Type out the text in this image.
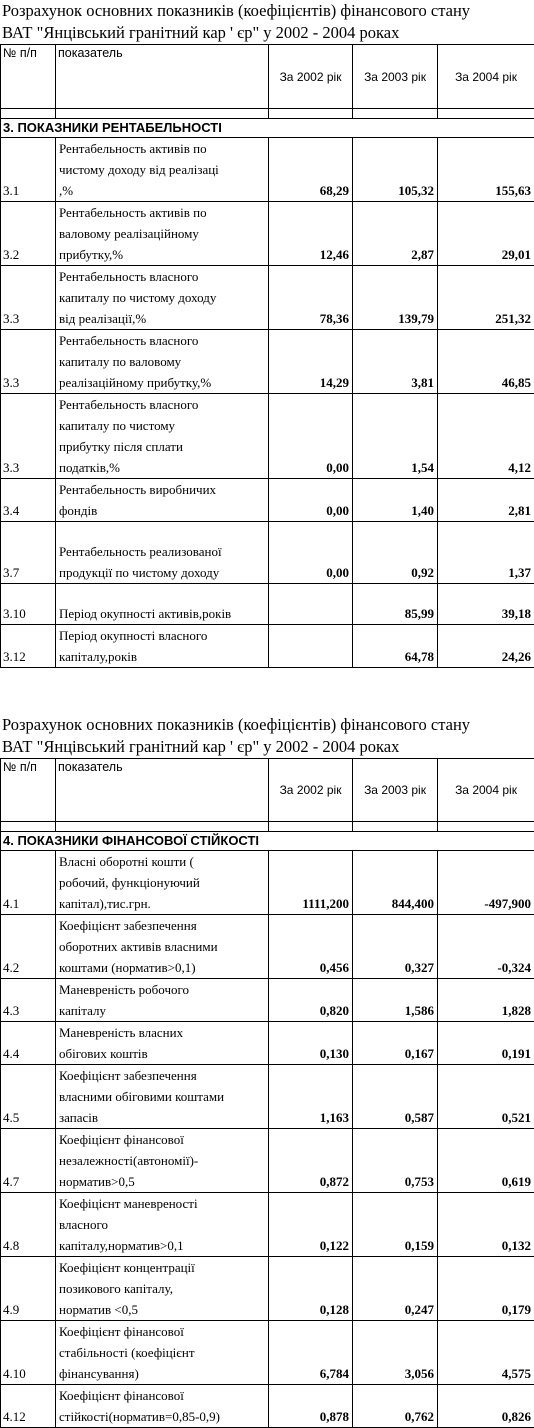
Розрахунок основних показників (коефіцієнтів) фінансового стану
ВАТ "Янцівський гранітний кар ' єр" у 2002 - 2004 роках
№ п/п	показатель	За 2002 рік	За 2003 рік	За 2004 рік

3. ПОКАЗНИКИ РЕНТАБЕЛЬНОСТІ				
3.1	Рентабельность активів по
чистому доходу від реалізаці
,%	68,29	105,32	155,63
3.2	Рентабельность активів по
валовому реалізаційному
прибутку,%	12,46	2,87	29,01
3.3	Рентабельность власного
капиталу по чистому доходу
від реалізації,%	78,36	139,79	251,32
3.3	Рентабельность власного
капиталу по валовому
реалізаційному прибутку,%	14,29	3,81	46,85
3.3	Рентабельность власного
капиталу по чистому
прибутку після сплати
податків,%	0,00	1,54	4,12
3.4	Рентабельность виробничих
фондів	0,00	1,40	2,81
3.7	Рентабельность реализованої
продукції по чистому доходу	0,00	0,92	1,37
3.10	Період окупності активів,років		85,99	39,18
3.12	Період окупності власного
капіталу,років		64,78	24,26
Розрахунок основних показників (коефіцієнтів) фінансового стану
ВАТ "Янцівський гранітний кар ' єр" у 2002 - 2004 роках
№ п/п	показатель	За 2002 рік	За 2003 рік	За 2004 рік

4. ПОКАЗНИКИ ФІНАНСОВОЇ СТІЙКОСТІ				
4.1	Власні оборотні кошти (
робочий, функціонуючий
капітал),тис.грн.	1111,200	844,400	-497,900
4.2	Коефіцієнт забезпечення
оборотних активів власними
коштами (норматив>0,1)	0,456	0,327	-0,324
4.3	Маневреність робочого
капіталу	0,820	1,586	1,828
4.4	Маневреність власних
обігових коштів	0,130	0,167	0,191
4.5	Коефіцієнт забезпечення
власними обіговими коштами
запасів	1,163	0,587	0,521
4.7	Коефіцієнт фінансової
незалежності(автономії)-
норматив>0,5	0,872	0,753	0,619
4.8	Коефіцієнт маневреності
власного
капіталу,норматив>0,1	0,122	0,159	0,132
4.9	Коефіцієнт концентрації
позикового капіталу,
норматив <0,5	0,128	0,247	0,179
4.10	Коефіцієнт фінансової
стабільності (коефіцієнт
фінансування)	6,784	3,056	4,575
4.12	Коефіцієнт фінансової
стійкості(норматив=0,85-0,9)	0,878	0,762	0,826
